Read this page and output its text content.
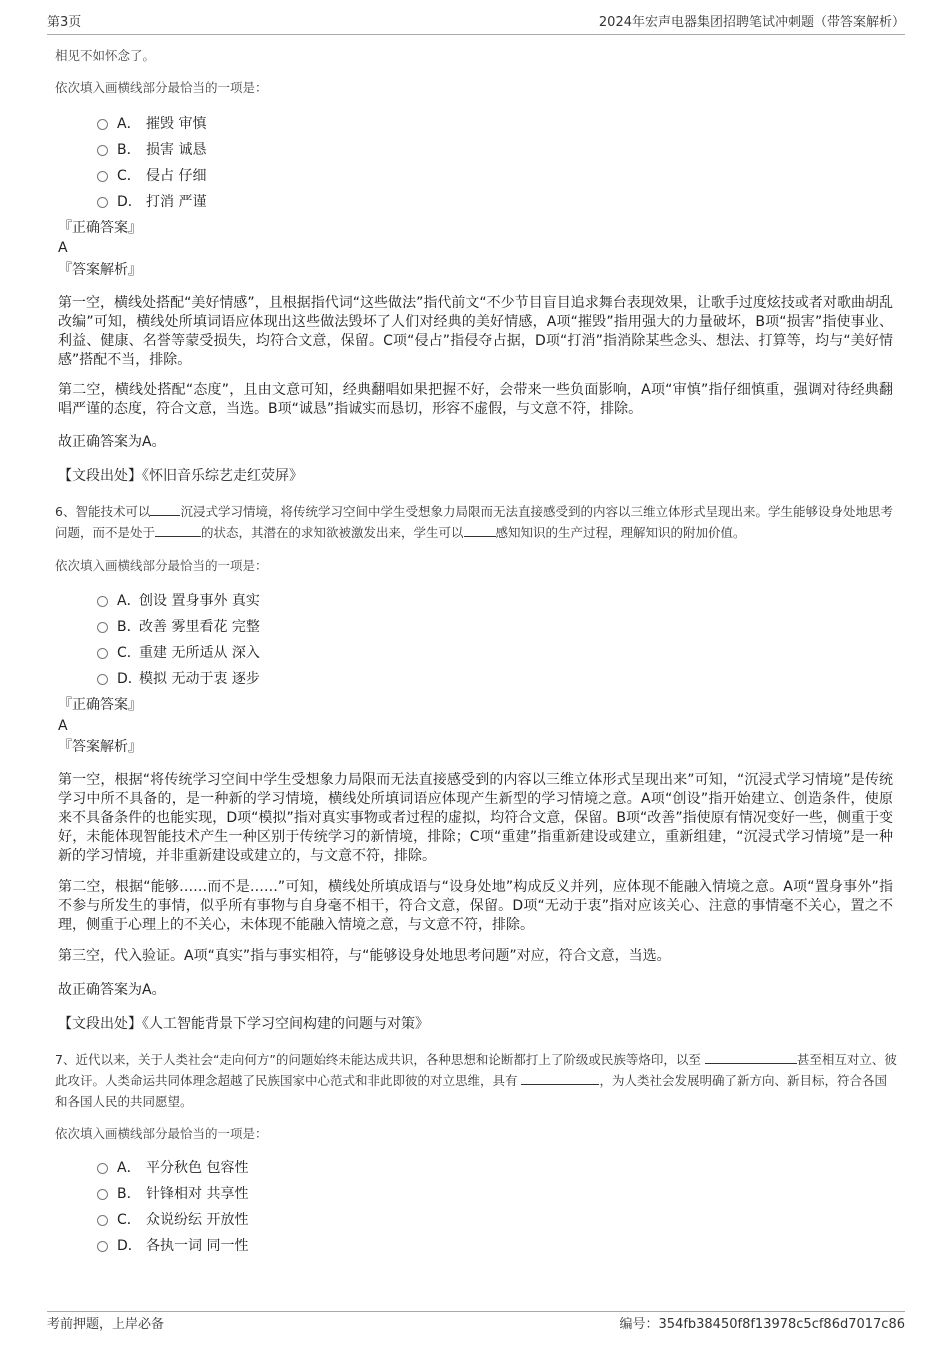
第3页	2024年宏声电器集团招聘笔试冲刺题（带答案解析）
相见不如怀念了。
依次填入画横线部分最恰当的一项是：
A． 摧毁 审慎
B． 损害 诚恳
C． 侵占 仔细
D． 打消 严谨
『正确答案』
A
『答案解析』
第一空，横线处搭配“美好情感”，且根据指代词“这些做法”指代前文“不少节目盲目追求舞台表现效果，让歌手过度炫技或者对歌曲胡乱改编”可知，横线处所填词语应体现出这些做法毁坏了人们对经典的美好情感，A项“摧毁”指用强大的力量破坏，B项“损害”指使事业、利益、健康、名誉等蒙受损失，均符合文意，保留。C项“侵占”指侵夺占据，D项“打消”指消除某些念头、想法、打算等，均与“美好情感”搭配不当，排除。
第二空，横线处搭配“态度”，且由文意可知，经典翻唱如果把握不好，会带来一些负面影响，A项“审慎”指仔细慎重，强调对待经典翻唱严谨的态度，符合文意，当选。B项“诚恳”指诚实而恳切，形容不虚假，与文意不符，排除。
故正确答案为A。
【文段出处】《怀旧音乐综艺走红荧屏》
6、智能技术可以 沉浸式学习情境，将传统学习空间中学生受想象力局限而无法直接感受到的内容以三维立体形式呈现出来。学生能够设身处地思考问题，而不是处于	的状态，其潜在的求知欲被激发出来，学生可以	感知知识的生产过程，理解知识的附加价值。
依次填入画横线部分最恰当的一项是：
A．
创设 置身事外 真实
B．
改善 雾里看花 完整
C．
重建 无所适从 深入
D．
模拟 无动于衷 逐步
『正确答案』
A
『答案解析』
第一空，根据“将传统学习空间中学生受想象力局限而无法直接感受到的内容以三维立体形式呈现出来”可知，“沉浸式学习情境”是传统学习中所不具备的，是一种新的学习情境，横线处所填词语应体现产生新型的学习情境之意。A项“创设”指开始建立、创造条件，使原来不具备条件的也能实现，D项“模拟”指对真实事物或者过程的虚拟，均符合文意，保留。B项“改善”指使原有情况变好一些，侧重于变好，未能体现智能技术产生一种区别于传统学习的新情境，排除；C项“重建”指重新建设或建立，重新组建，“沉浸式学习情境”是一种新的学习情境，并非重新建设或建立的，与文意不符，排除。
第二空，根据“能够……而不是……”可知，横线处所填成语与“设身处地”构成反义并列，应体现不能融入情境之意。A项“置身事外”指不参与所发生的事情，似乎所有事物与自身毫不相干，符合文意，保留。D项“无动于衷”指对应该关心、注意的事情毫不关心，置之不理，侧重于心理上的不关心，未体现不能融入情境之意，与文意不符，排除。
第三空，代入验证。A项“真实”指与事实相符，与“能够设身处地思考问题”对应，符合文意，当选。
故正确答案为A。
【文段出处】《人工智能背景下学习空间构建的问题与对策》
7、近代以来，关于人类社会“走向何方”的问题始终未能达成共识，各种思想和论断都打上了阶级或民族等烙印，以至	甚至相互对立、彼此攻讦。人类命运共同体理念超越了民族国家中心范式和非此即彼的对立思维，具有	，为人类社会发展明确了新方向、新目标，符合各国和各国人民的共同愿望。
依次填入画横线部分最恰当的一项是：
A． 平分秋色 包容性
B． 针锋相对 共享性
C． 众说纷纭 开放性
D． 各执一词 同一性
考前押题，上岸必备	编号：354fb38450f8f13978c5cf86d7017c86
